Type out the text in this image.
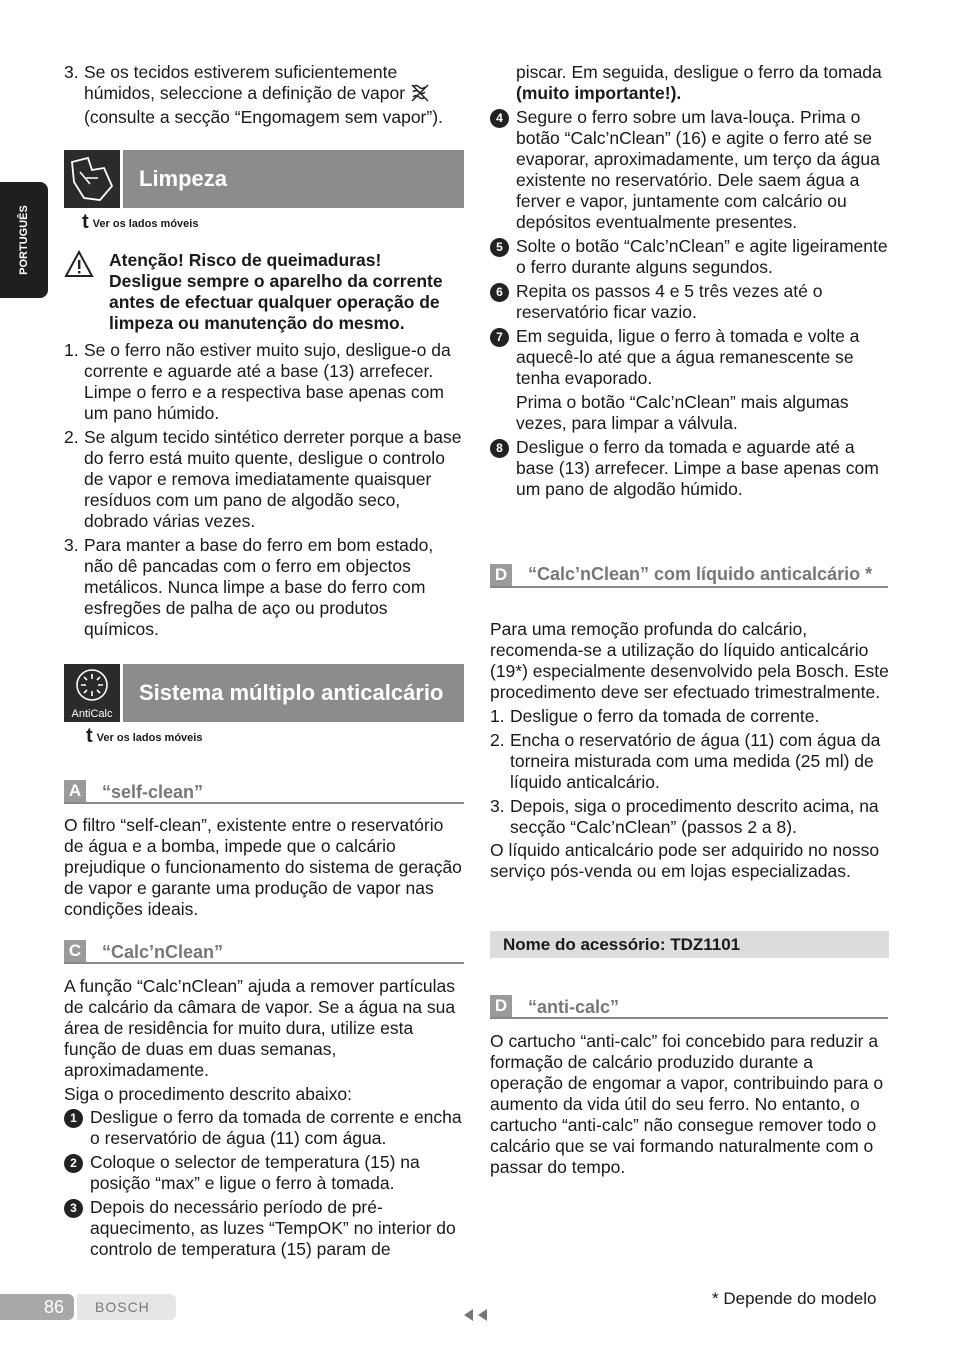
PORTUGUÊS
3. Se os tecidos estiverem suficientemente húmidos, seleccione a definição de vapor  (consulte a secção “Engomagem sem vapor”).
Limpeza
t Ver os lados móveis
Atenção! Risco de queimaduras!
Desligue sempre o aparelho da corrente antes de efectuar qualquer operação de limpeza ou manutenção do mesmo.
1. Se o ferro não estiver muito sujo, desligue-o da corrente e aguarde até a base (13) arrefecer. Limpe o ferro e a respectiva base apenas com um pano húmido.
2. Se algum tecido sintético derreter porque a base do ferro está muito quente, desligue o controlo de vapor e remova imediatamente quaisquer resíduos com um pano de algodão seco, dobrado várias vezes.
3. Para manter a base do ferro em bom estado, não dê pancadas com o ferro em objectos metálicos. Nunca limpe a base do ferro com esfregões de palha de aço ou produtos químicos.
AntiCalc
Sistema múltiplo anticalcário
t Ver os lados móveis
A “self-clean”
O filtro “self-clean”, existente entre o reservatório de água e a bomba, impede que o calcário prejudique o funcionamento do sistema de geração de vapor e garante uma produção de vapor nas condições ideais.
C “Calc’nClean”
A função “Calc’nClean” ajuda a remover partículas de calcário da câmara de vapor. Se a água na sua área de residência for muito dura, utilize esta função de duas em duas semanas, aproximadamente.
Siga o procedimento descrito abaixo:
1 Desligue o ferro da tomada de corrente e encha o reservatório de água (11) com água.
2 Coloque o selector de temperatura (15) na posição “max” e ligue o ferro à tomada.
3 Depois do necessário período de pré-aquecimento, as luzes “TempOK” no interior do controlo de temperatura (15) param de
piscar. Em seguida, desligue o ferro da tomada (muito importante!).
4 Segure o ferro sobre um lava-louça. Prima o botão “Calc’nClean” (16) e agite o ferro até se evaporar, aproximadamente, um terço da água existente no reservatório. Dele saem água a ferver e vapor, juntamente com calcário ou depósitos eventualmente presentes.
5 Solte o botão “Calc’nClean” e agite ligeiramente o ferro durante alguns segundos.
6 Repita os passos 4 e 5 três vezes até o reservatório ficar vazio.
7 Em seguida, ligue o ferro à tomada e volte a aquecê-lo até que a água remanescente se tenha evaporado.
Prima o botão “Calc’nClean” mais algumas vezes, para limpar a válvula.
8 Desligue o ferro da tomada e aguarde até a base (13) arrefecer. Limpe a base apenas com um pano de algodão húmido.
D “Calc’nClean” com líquido anticalcário *
Para uma remoção profunda do calcário, recomenda-se a utilização do líquido anticalcário (19*) especialmente desenvolvido pela Bosch. Este procedimento deve ser efectuado trimestralmente.
1. Desligue o ferro da tomada de corrente.
2. Encha o reservatório de água (11) com água da torneira misturada com uma medida (25 ml) de líquido anticalcário.
3. Depois, siga o procedimento descrito acima, na secção “Calc’nClean” (passos 2 a 8).
O líquido anticalcário pode ser adquirido no nosso serviço pós-venda ou em lojas especializadas.
Nome do acessório: TDZ1101
D “anti-calc”
O cartucho “anti-calc” foi concebido para reduzir a formação de calcário produzido durante a operação de engomar a vapor, contribuindo para o aumento da vida útil do seu ferro. No entanto, o cartucho “anti-calc” não consegue remover todo o calcário que se vai formando naturalmente com o passar do tempo.
86 BOSCH	* Depende do modelo
